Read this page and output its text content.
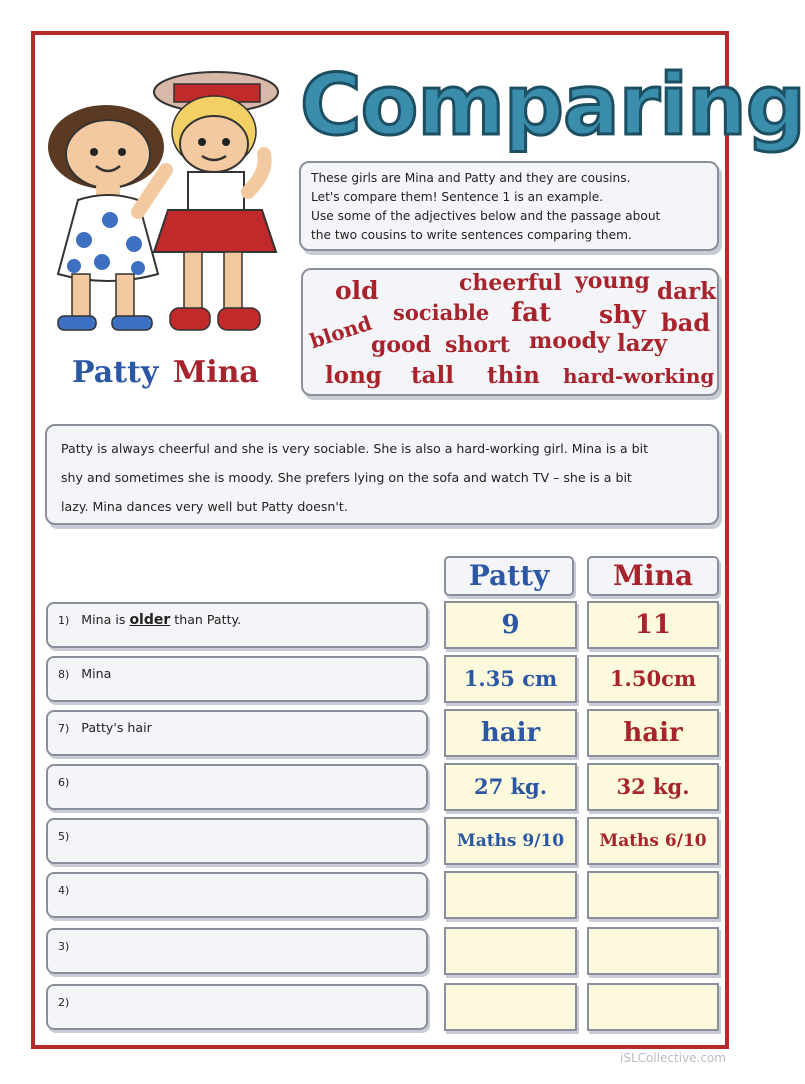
Patty Mina
Comparing

These girls are Mina and Patty and they are cousins.

Let's compare them! Sentence 1 is an example.

Use some of the adjectives below and the passage about

the two cousins to write sentences comparing them.

old	cheerful young dark
sociable fat shy bad
blond
good short moody lazy
long tall thin hard-working

Patty is always cheerful and she is very sociable. She is also a hard-working girl. Mina is a bit

shy and sometimes she is moody. She prefers lying on the sofa and watch TV – she is a bit

lazy. Mina dances very well but Patty doesn't.

Patty	Mina
1) Mina is older than Patty.	9	11
8) Mina	1.35 cm	1.50cm
7) Patty's hair	hair	hair
6)	27 kg.	32 kg.
5)	Maths 9/10	Maths 6/10
4)
3)
2)
iSLCollective.com
